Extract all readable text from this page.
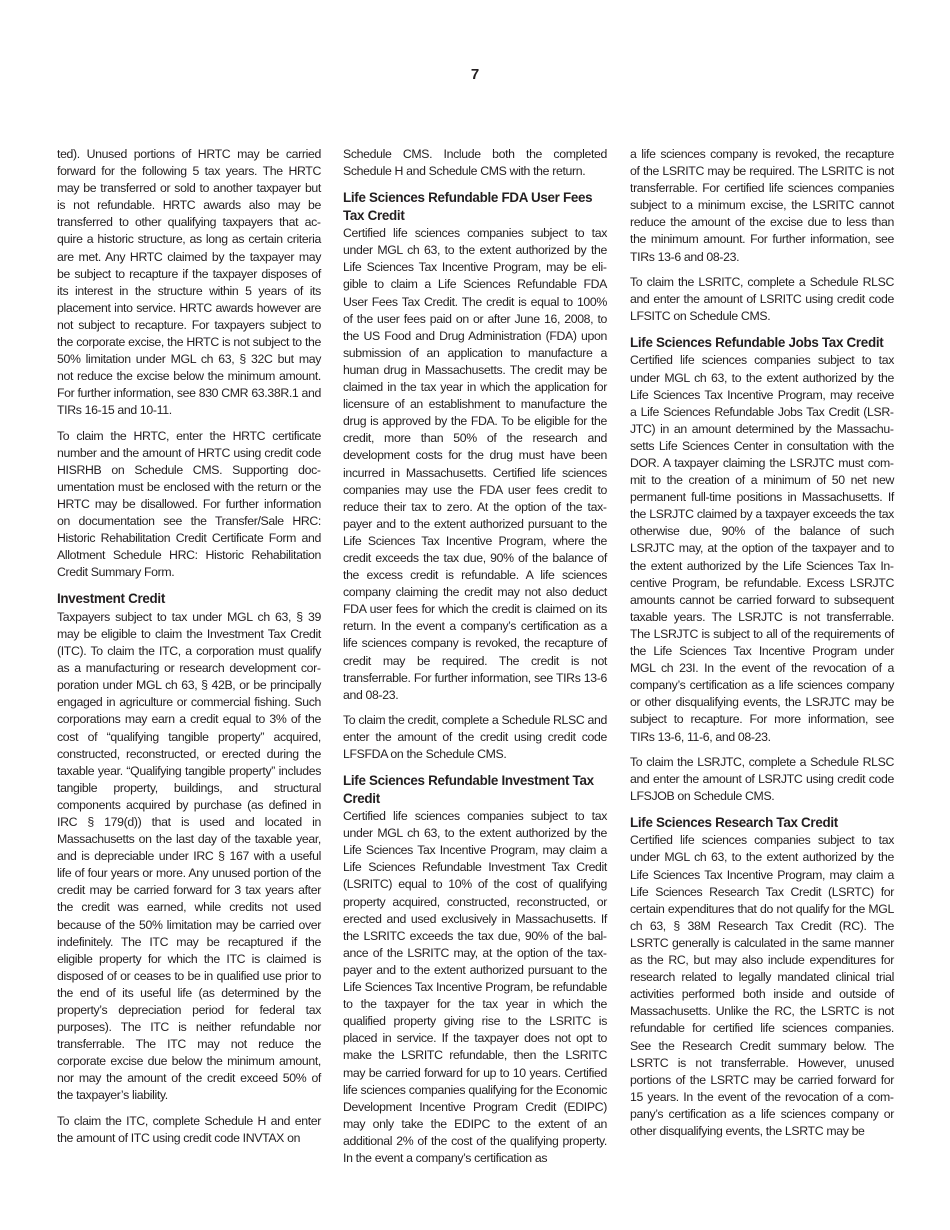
7

ted). Unused portions of HRTC may be carried forward for the following 5 tax years. The HRTC may be transferred or sold to another taxpayer but is not refundable. HRTC awards also may be transferred to other qualifying taxpayers that acquire a historic structure, as long as certain criteria are met. Any HRTC claimed by the taxpayer may be subject to recapture if the taxpayer disposes of its interest in the structure within 5 years of its placement into service. HRTC awards however are not subject to recapture. For taxpayers subject to the corporate excise, the HRTC is not subject to the 50% limitation under MGL ch 63, § 32C but may not reduce the excise below the minimum amount. For further information, see 830 CMR 63.38R.1 and TIRs 16-15 and 10-11.

To claim the HRTC, enter the HRTC certificate number and the amount of HRTC using credit code HISRHB on Schedule CMS. Supporting documentation must be enclosed with the return or the HRTC may be disallowed. For further information on documentation see the Transfer/Sale HRC: Historic Rehabilitation Credit Certificate Form and Allotment Schedule HRC: Historic Rehabilitation Credit Summary Form.

Investment Credit

Taxpayers subject to tax under MGL ch 63, § 39 may be eligible to claim the Investment Tax Credit (ITC). To claim the ITC, a corporation must qualify as a manufacturing or research development corporation under MGL ch 63, § 42B, or be principally engaged in agriculture or commercial fishing. Such corporations may earn a credit equal to 3% of the cost of “qualifying tangible property” acquired, constructed, reconstructed, or erected during the taxable year. “Qualifying tangible property” includes tangible property, buildings, and structural components acquired by purchase (as defined in IRC § 179(d)) that is used and located in Massachusetts on the last day of the taxable year, and is depreciable under IRC § 167 with a useful life of four years or more. Any unused portion of the credit may be carried forward for 3 tax years after the credit was earned, while credits not used because of the 50% limitation may be carried over indefinitely. The ITC may be recaptured if the eligible property for which the ITC is claimed is disposed of or ceases to be in qualified use prior to the end of its useful life (as determined by the property’s depreciation period for federal tax purposes). The ITC is neither refundable nor transferrable. The ITC may not reduce the corporate excise due below the minimum amount, nor may the amount of the credit exceed 50% of the taxpayer’s liability.

To claim the ITC, complete Schedule H and enter the amount of ITC using credit code INVTAX on

Schedule CMS. Include both the completed Schedule H and Schedule CMS with the return.

Life Sciences Refundable FDA User Fees Tax Credit

Certified life sciences companies subject to tax under MGL ch 63, to the extent authorized by the Life Sciences Tax Incentive Program, may be eligible to claim a Life Sciences Refundable FDA User Fees Tax Credit. The credit is equal to 100% of the user fees paid on or after June 16, 2008, to the US Food and Drug Administration (FDA) upon submission of an application to manufacture a human drug in Massachusetts. The credit may be claimed in the tax year in which the application for licensure of an establishment to manufacture the drug is approved by the FDA. To be eligible for the credit, more than 50% of the research and development costs for the drug must have been incurred in Massachusetts. Certified life sciences companies may use the FDA user fees credit to reduce their tax to zero. At the option of the taxpayer and to the extent authorized pursuant to the Life Sciences Tax Incentive Program, where the credit exceeds the tax due, 90% of the balance of the excess credit is refundable. A life sciences company claiming the credit may not also deduct FDA user fees for which the credit is claimed on its return. In the event a company’s certification as a life sciences company is revoked, the recapture of credit may be required. The credit is not transferrable. For further information, see TIRs 13-6 and 08-23.

To claim the credit, complete a Schedule RLSC and enter the amount of the credit using credit code LFSFDA on the Schedule CMS.

Life Sciences Refundable Investment Tax Credit

Certified life sciences companies subject to tax under MGL ch 63, to the extent authorized by the Life Sciences Tax Incentive Program, may claim a Life Sciences Refundable Investment Tax Credit (LSRITC) equal to 10% of the cost of qualifying property acquired, constructed, reconstructed, or erected and used exclusively in Massachusetts. If the LSRITC exceeds the tax due, 90% of the balance of the LSRITC may, at the option of the taxpayer and to the extent authorized pursuant to the Life Sciences Tax Incentive Program, be refundable to the taxpayer for the tax year in which the qualified property giving rise to the LSRITC is placed in service. If the taxpayer does not opt to make the LSRITC refundable, then the LSRITC may be carried forward for up to 10 years. Certified life sciences companies qualifying for the Economic Development Incentive Program Credit (EDIPC) may only take the EDIPC to the extent of an additional 2% of the cost of the qualifying property. In the event a company’s certification as

a life sciences company is revoked, the recapture of the LSRITC may be required. The LSRITC is not transferrable. For certified life sciences companies subject to a minimum excise, the LSRITC cannot reduce the amount of the excise due to less than the minimum amount. For further information, see TIRs 13-6 and 08-23.

To claim the LSRITC, complete a Schedule RLSC and enter the amount of LSRITC using credit code LFSITC on Schedule CMS.

Life Sciences Refundable Jobs Tax Credit

Certified life sciences companies subject to tax under MGL ch 63, to the extent authorized by the Life Sciences Tax Incentive Program, may receive a Life Sciences Refundable Jobs Tax Credit (LSRJTC) in an amount determined by the Massachusetts Life Sciences Center in consultation with the DOR. A taxpayer claiming the LSRJTC must commit to the creation of a minimum of 50 net new permanent full-time positions in Massachusetts. If the LSRJTC claimed by a taxpayer exceeds the tax otherwise due, 90% of the balance of such LSRJTC may, at the option of the taxpayer and to the extent authorized by the Life Sciences Tax Incentive Program, be refundable. Excess LSRJTC amounts cannot be carried forward to subsequent taxable years. The LSRJTC is not transferrable. The LSRJTC is subject to all of the requirements of the Life Sciences Tax Incentive Program under MGL ch 23I. In the event of the revocation of a company’s certification as a life sciences company or other disqualifying events, the LSRJTC may be subject to recapture. For more information, see TIRs 13-6, 11-6, and 08-23.

To claim the LSRJTC, complete a Schedule RLSC and enter the amount of LSRJTC using credit code LFSJOB on Schedule CMS.

Life Sciences Research Tax Credit

Certified life sciences companies subject to tax under MGL ch 63, to the extent authorized by the Life Sciences Tax Incentive Program, may claim a Life Sciences Research Tax Credit (LSRTC) for certain expenditures that do not qualify for the MGL ch 63, § 38M Research Tax Credit (RC). The LSRTC generally is calculated in the same manner as the RC, but may also include expenditures for research related to legally mandated clinical trial activities performed both inside and outside of Massachusetts. Unlike the RC, the LSRTC is not refundable for certified life sciences companies. See the Research Credit summary below. The LSRTC is not transferrable. However, unused portions of the LSRTC may be carried forward for 15 years. In the event of the revocation of a company’s certification as a life sciences company or other disqualifying events, the LSRTC may be
